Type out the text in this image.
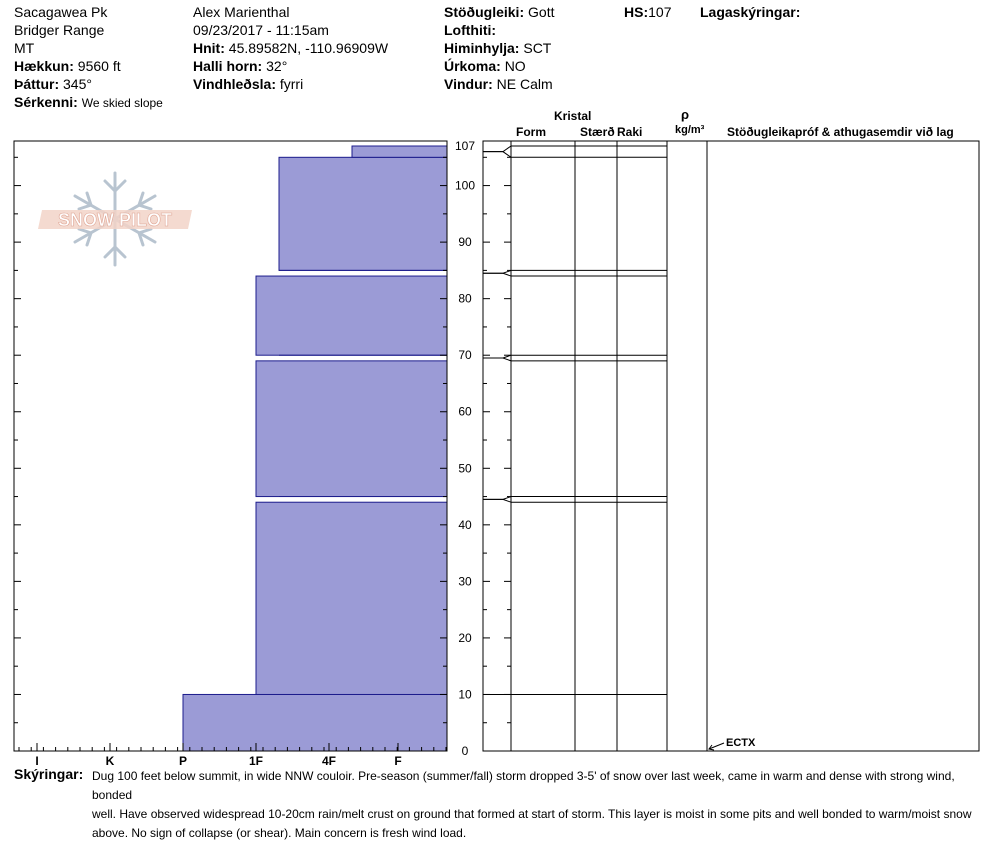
Sacagawea Pk
Bridger Range
MT
Hækkun: 9560 ft
Þáttur: 345°
Sérkenni: We skied slope
Alex Marienthal
09/23/2017 - 11:15am
Hnit: 45.89582N, -110.96909W
Halli horn: 32°
Vindhleðsla: fyrri
Stöðugleiki: Gott
Lofthiti:
Himinhylja: SCT
Úrkoma: NO
Vindur: NE Calm
HS:107 Lagaskýringar:
Kristal
Form	Stærð Raki
ρ
kg/m³ Stöðugleikapróf & athugasemdir við lag
SNOW PILOT
0
10
20
30
40
50
60
70
80
90
100
107
I	K	P	1F	4F	F
ECTX
Skýringar: Dug 100 feet below summit, in wide NNW couloir. Pre-season (summer/fall) storm dropped 3-5' of snow over last week, came in warm and dense with strong wind, bonded
well. Have observed widespread 10-20cm rain/melt crust on ground that formed at start of storm. This layer is moist in some pits and well bonded to warm/moist snow
above. No sign of collapse (or shear). Main concern is fresh wind load.
